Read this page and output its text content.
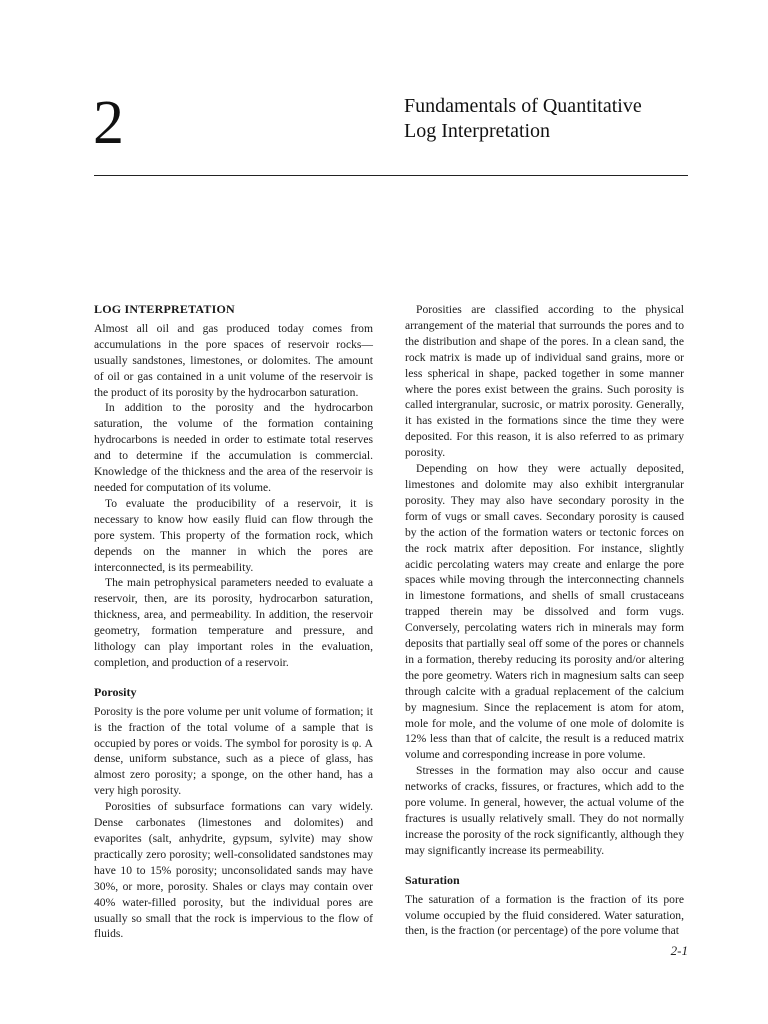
2	Fundamentals of Quantitative
Log Interpretation
LOG INTERPRETATION

Almost all oil and gas produced today comes from accumulations in the pore spaces of reservoir rocks—usually sandstones, limestones, or dolomites. The amount of oil or gas contained in a unit volume of the reservoir is the product of its porosity by the hydrocarbon saturation.

In addition to the porosity and the hydrocarbon saturation, the volume of the formation containing hydrocarbons is needed in order to estimate total reserves and to determine if the accumulation is commercial. Knowledge of the thickness and the area of the reservoir is needed for computation of its volume.

To evaluate the producibility of a reservoir, it is necessary to know how easily fluid can flow through the pore system. This property of the formation rock, which depends on the manner in which the pores are interconnected, is its permeability.

The main petrophysical parameters needed to evaluate a reservoir, then, are its porosity, hydrocarbon saturation, thickness, area, and permeability. In addition, the reservoir geometry, formation temperature and pressure, and lithology can play important roles in the evaluation, completion, and production of a reservoir.

Porosity

Porosity is the pore volume per unit volume of formation; it is the fraction of the total volume of a sample that is occupied by pores or voids. The symbol for porosity is φ. A dense, uniform substance, such as a piece of glass, has almost zero porosity; a sponge, on the other hand, has a very high porosity.

Porosities of subsurface formations can vary widely. Dense carbonates (limestones and dolomites) and evaporites (salt, anhydrite, gypsum, sylvite) may show practically zero porosity; well-consolidated sandstones may have 10 to 15% porosity; unconsolidated sands may have 30%, or more, porosity. Shales or clays may contain over 40% water-filled porosity, but the individual pores are usually so small that the rock is impervious to the flow of fluids.

Porosities are classified according to the physical arrangement of the material that surrounds the pores and to the distribution and shape of the pores. In a clean sand, the rock matrix is made up of individual sand grains, more or less spherical in shape, packed together in some manner where the pores exist between the grains. Such porosity is called intergranular, sucrosic, or matrix porosity. Generally, it has existed in the formations since the time they were deposited. For this reason, it is also referred to as primary porosity.

Depending on how they were actually deposited, limestones and dolomite may also exhibit intergranular porosity. They may also have secondary porosity in the form of vugs or small caves. Secondary porosity is caused by the action of the formation waters or tectonic forces on the rock matrix after deposition. For instance, slightly acidic percolating waters may create and enlarge the pore spaces while moving through the interconnecting channels in limestone formations, and shells of small crustaceans trapped therein may be dissolved and form vugs. Conversely, percolating waters rich in minerals may form deposits that partially seal off some of the pores or channels in a formation, thereby reducing its porosity and/or altering the pore geometry. Waters rich in magnesium salts can seep through calcite with a gradual replacement of the calcium by magnesium. Since the replacement is atom for atom, mole for mole, and the volume of one mole of dolomite is 12% less than that of calcite, the result is a reduced matrix volume and corresponding increase in pore volume.

Stresses in the formation may also occur and cause networks of cracks, fissures, or fractures, which add to the pore volume. In general, however, the actual volume of the fractures is usually relatively small. They do not normally increase the porosity of the rock significantly, although they may significantly increase its permeability.

Saturation

The saturation of a formation is the fraction of its pore volume occupied by the fluid considered. Water saturation, then, is the fraction (or percentage) of the pore volume that

2-1
